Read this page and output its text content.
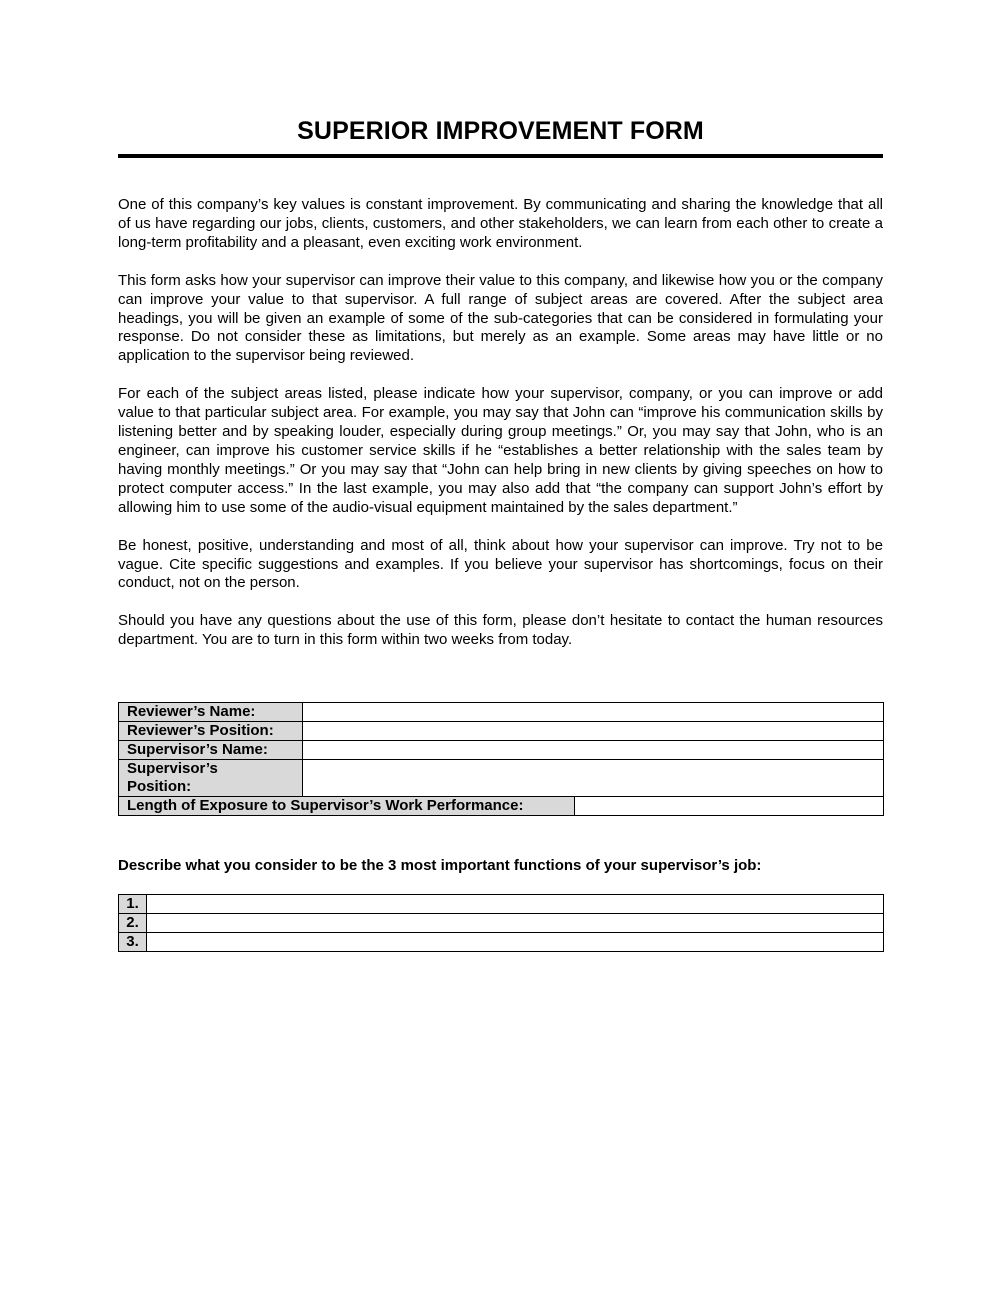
SUPERIOR IMPROVEMENT FORM

One of this company’s key values is constant improvement. By communicating and sharing the knowledge that all of us have regarding our jobs, clients, customers, and other stakeholders, we can learn from each other to create a long-term profitability and a pleasant, even exciting work environment.

This form asks how your supervisor can improve their value to this company, and likewise how you or the company can improve your value to that supervisor. A full range of subject areas are covered. After the subject area headings, you will be given an example of some of the sub-categories that can be considered in formulating your response. Do not consider these as limitations, but merely as an example. Some areas may have little or no application to the supervisor being reviewed.

For each of the subject areas listed, please indicate how your supervisor, company, or you can improve or add value to that particular subject area. For example, you may say that John can “improve his communication skills by listening better and by speaking louder, especially during group meetings.” Or, you may say that John, who is an engineer, can improve his customer service skills if he “establishes a better relationship with the sales team by having monthly meetings.” Or you may say that “John can help bring in new clients by giving speeches on how to protect computer access.” In the last example, you may also add that “the company can support John’s effort by allowing him to use some of the audio-visual equipment maintained by the sales department.”

Be honest, positive, understanding and most of all, think about how your supervisor can improve. Try not to be vague. Cite specific suggestions and examples. If you believe your supervisor has shortcomings, focus on their conduct, not on the person.

Should you have any questions about the use of this form, please don’t hesitate to contact the human resources department. You are to turn in this form within two weeks from today.

Reviewer’s Name:		
Reviewer’s Position:		
Supervisor’s Name:		
Supervisor’s
Position:		
Length of Exposure to Supervisor’s Work Performance:		

Describe what you consider to be the 3 most important functions of your supervisor’s job:

1.	
2.	
3.	
